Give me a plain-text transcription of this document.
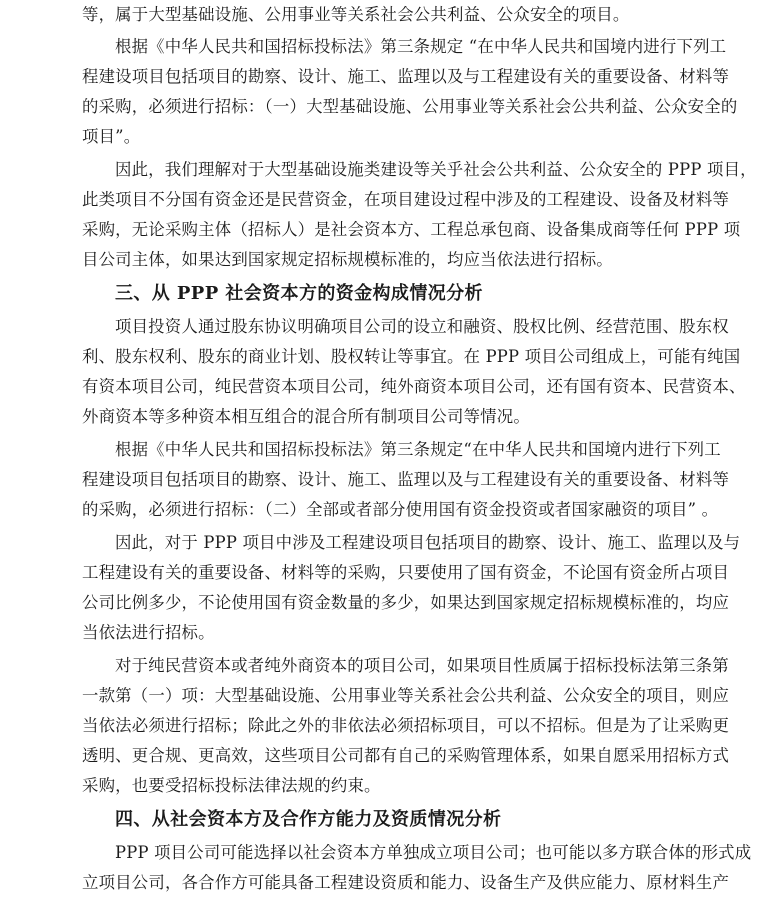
等，属于大型基础设施、公用事业等关系社会公共利益、公众安全的项目。
根据《中华人民共和国招标投标法》第三条规定 “在中华人民共和国境内进行下列工
程建设项目包括项目的勘察、设计、施工、监理以及与工程建设有关的重要设备、材料等
的采购，必须进行招标：（一）大型基础设施、公用事业等关系社会公共利益、公众安全的
项目”。
因此，我们理解对于大型基础设施类建设等关乎社会公共利益、公众安全的 PPP 项目，
此类项目不分国有资金还是民营资金，在项目建设过程中涉及的工程建设、设备及材料等
采购，无论采购主体（招标人）是社会资本方、工程总承包商、设备集成商等任何 PPP 项
目公司主体，如果达到国家规定招标规模标准的，均应当依法进行招标。
三、从 PPP 社会资本方的资金构成情况分析
项目投资人通过股东协议明确项目公司的设立和融资、股权比例、经营范围、股东权
利、股东权利、股东的商业计划、股权转让等事宜。在 PPP 项目公司组成上，可能有纯国
有资本项目公司，纯民营资本项目公司，纯外商资本项目公司，还有国有资本、民营资本、
外商资本等多种资本相互组合的混合所有制项目公司等情况。
根据《中华人民共和国招标投标法》第三条规定“在中华人民共和国境内进行下列工
程建设项目包括项目的勘察、设计、施工、监理以及与工程建设有关的重要设备、材料等
的采购，必须进行招标：（二）全部或者部分使用国有资金投资或者国家融资的项目” 。
因此，对于 PPP 项目中涉及工程建设项目包括项目的勘察、设计、施工、监理以及与
工程建设有关的重要设备、材料等的采购，只要使用了国有资金，不论国有资金所占项目
公司比例多少，不论使用国有资金数量的多少，如果达到国家规定招标规模标准的，均应
当依法进行招标。
对于纯民营资本或者纯外商资本的项目公司，如果项目性质属于招标投标法第三条第
一款第（一）项：大型基础设施、公用事业等关系社会公共利益、公众安全的项目，则应
当依法必须进行招标；除此之外的非依法必须招标项目，可以不招标。但是为了让采购更
透明、更合规、更高效，这些项目公司都有自己的采购管理体系，如果自愿采用招标方式
采购，也要受招标投标法律法规的约束。
四、从社会资本方及合作方能力及资质情况分析
PPP 项目公司可能选择以社会资本方单独成立项目公司；也可能以多方联合体的形式成
立项目公司，各合作方可能具备工程建设资质和能力、设备生产及供应能力、原材料生产
